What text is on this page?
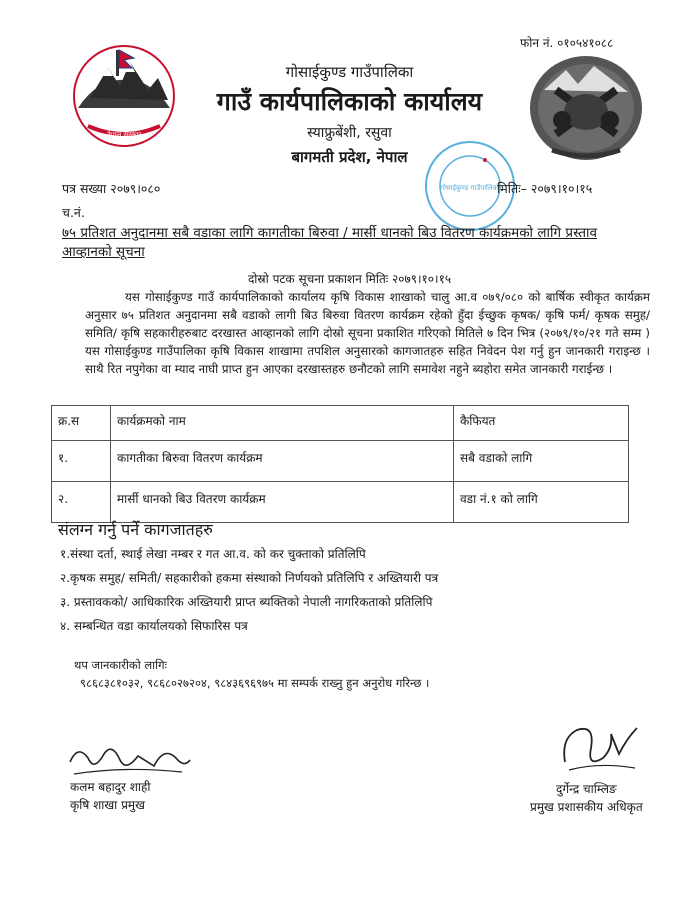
फोन नं. ०१०५४१०८८
नेपाल सरकार
गोसाईकुण्ड गाउँपालिका
गाउँ कार्यपालिकाको कार्यालय
स्याफ्रुबेंशी, रसुवा
बागमती प्रदेश, नेपाल
गोसाईकुण्ड गाउँपालिका
पत्र सख्या २०७९।०८०	मितिः– २०७९।१०।१५
च.नं.
७५ प्रतिशत अनुदानमा सबै वडाका लागि कागतीका बिरुवा / मार्सी धानको बिउ वितरण कार्यक्रमको लागि प्रस्ताव आव्हानको सूचना
दोस्रो पटक सूचना प्रकाशन मितिः २०७९।१०।१५
यस गोसाईकुण्ड गाउँ कार्यपालिकाको कार्यालय कृषि विकास शाखाको चालु आ.व ०७९/०८० को बार्षिक स्वीकृत कार्यक्रम अनुसार ७५ प्रतिशत अनुदानमा सबै वडाको लागी बिउ बिरुवा वितरण कार्यक्रम रहेको हुँदा ईच्छुक कृषक/ कृषि फर्म/ कृषक समुह/ समिति/ कृषि सहकारीहरुबाट दरखास्त आव्हानको लागि दोस्रो सूचना प्रकाशित गरिएको मितिले ७ दिन भित्र (२०७९/१०/२१ गते सम्म ) यस गोसाईकुण्ड गाउँपालिका कृषि विकास शाखामा तपशिल अनुसारको कागजातहरु सहित निवेदन पेश गर्नु हुन जानकारी गराइन्छ । साथै रित नपुगेका वा म्याद नाघी प्राप्त हुन आएका दरखास्तहरु छनौटको लागि समावेश नहुने ब्यहोरा समेत जानकारी गराईन्छ ।
क्र.स	कार्यक्रमको नाम	कैफियत
१.	कागतीका बिरुवा वितरण कार्यक्रम	सबै वडाको लागि
२.	मार्सी धानको बिउ वितरण कार्यक्रम	वडा नं.१ को लागि
संलग्न गर्नु पर्ने कागजातहरु
१.संस्था दर्ता, स्थाई लेखा नम्बर र गत आ.व. को कर चुक्ताको प्रतिलिपि
२.कृषक समुह/ समिती/ सहकारीको हकमा संस्थाको निर्णयको प्रतिलिपि र अख्तियारी पत्र
३. प्रस्तावकको/ आधिकारिक अख्तियारी प्राप्त ब्यक्तिको नेपाली नागरिकताको प्रतिलिपि
४. सम्बन्धित वडा कार्यालयको सिफारिस पत्र
थप जानकारीको लागिः
९८६८३८१०३२, ९८६८०२७२०४, ९८४३६९६९७५ मा सम्पर्क राख्नु हुन अनुरोध गरिन्छ ।
कलम बहादुर शाही
कृषि शाखा प्रमुख
दुर्गेन्द्र चाम्लिङ
प्रमुख प्रशासकीय अधिकृत
